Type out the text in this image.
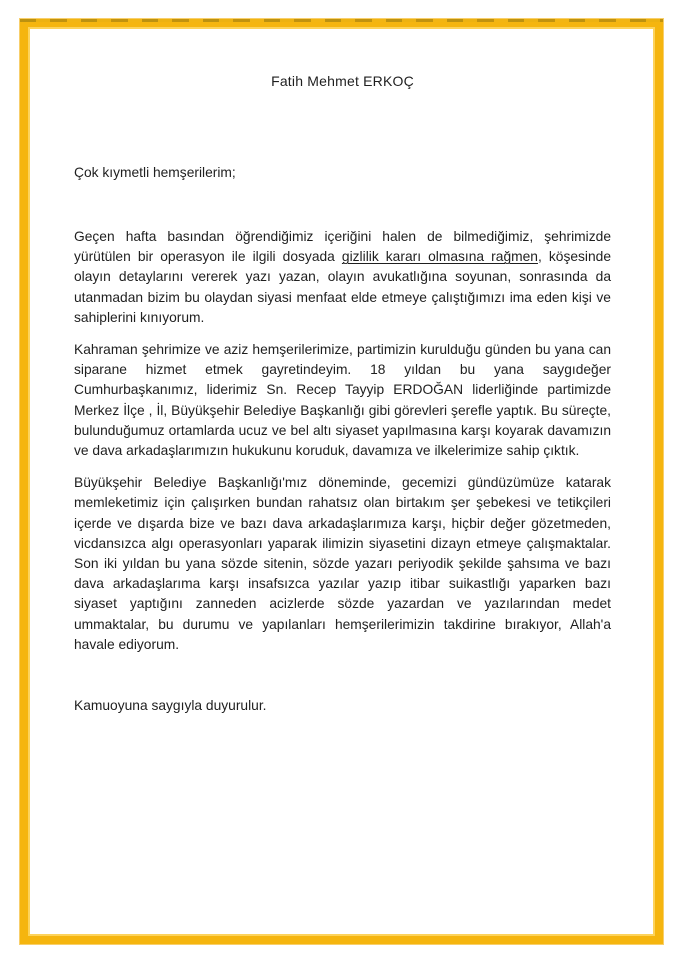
Fatih Mehmet ERKOÇ

Çok kıymetli hemşerilerim;

Geçen hafta basından öğrendiğimiz içeriğini halen de bilmediğimiz, şehrimizde yürütülen bir operasyon ile ilgili dosyada gizlilik kararı olmasına rağmen, köşesinde olayın detaylarını vererek yazı yazan, olayın avukatlığına soyunan, sonrasında da utanmadan bizim bu olaydan siyasi menfaat elde etmeye çalıştığımızı ima eden kişi ve sahiplerini kınıyorum.

Kahraman şehrimize ve aziz hemşerilerimize, partimizin kurulduğu günden bu yana can siparane hizmet etmek gayretindeyim. 18 yıldan bu yana saygıdeğer Cumhurbaşkanımız, liderimiz Sn. Recep Tayyip ERDOĞAN liderliğinde partimizde Merkez İlçe , İl, Büyükşehir Belediye Başkanlığı gibi görevleri şerefle yaptık. Bu süreçte, bulunduğumuz ortamlarda ucuz ve bel altı siyaset yapılmasına karşı koyarak davamızın ve dava arkadaşlarımızın hukukunu koruduk, davamıza ve ilkelerimize sahip çıktık.

Büyükşehir Belediye Başkanlığı'mız döneminde, gecemizi gündüzümüze katarak memleketimiz için çalışırken bundan rahatsız olan birtakım şer şebekesi ve tetikçileri içerde ve dışarda bize ve bazı dava arkadaşlarımıza karşı, hiçbir değer gözetmeden, vicdansızca algı operasyonları yaparak ilimizin siyasetini dizayn etmeye çalışmaktalar. Son iki yıldan bu yana sözde sitenin, sözde yazarı periyodik şekilde şahsıma ve bazı dava arkadaşlarıma karşı insafsızca yazılar yazıp itibar suikastlığı yaparken bazı siyaset yaptığını zanneden acizlerde sözde yazardan ve yazılarından medet ummaktalar, bu durumu ve yapılanları hemşerilerimizin takdirine bırakıyor, Allah'a havale ediyorum.

Kamuoyuna saygıyla duyurulur.
